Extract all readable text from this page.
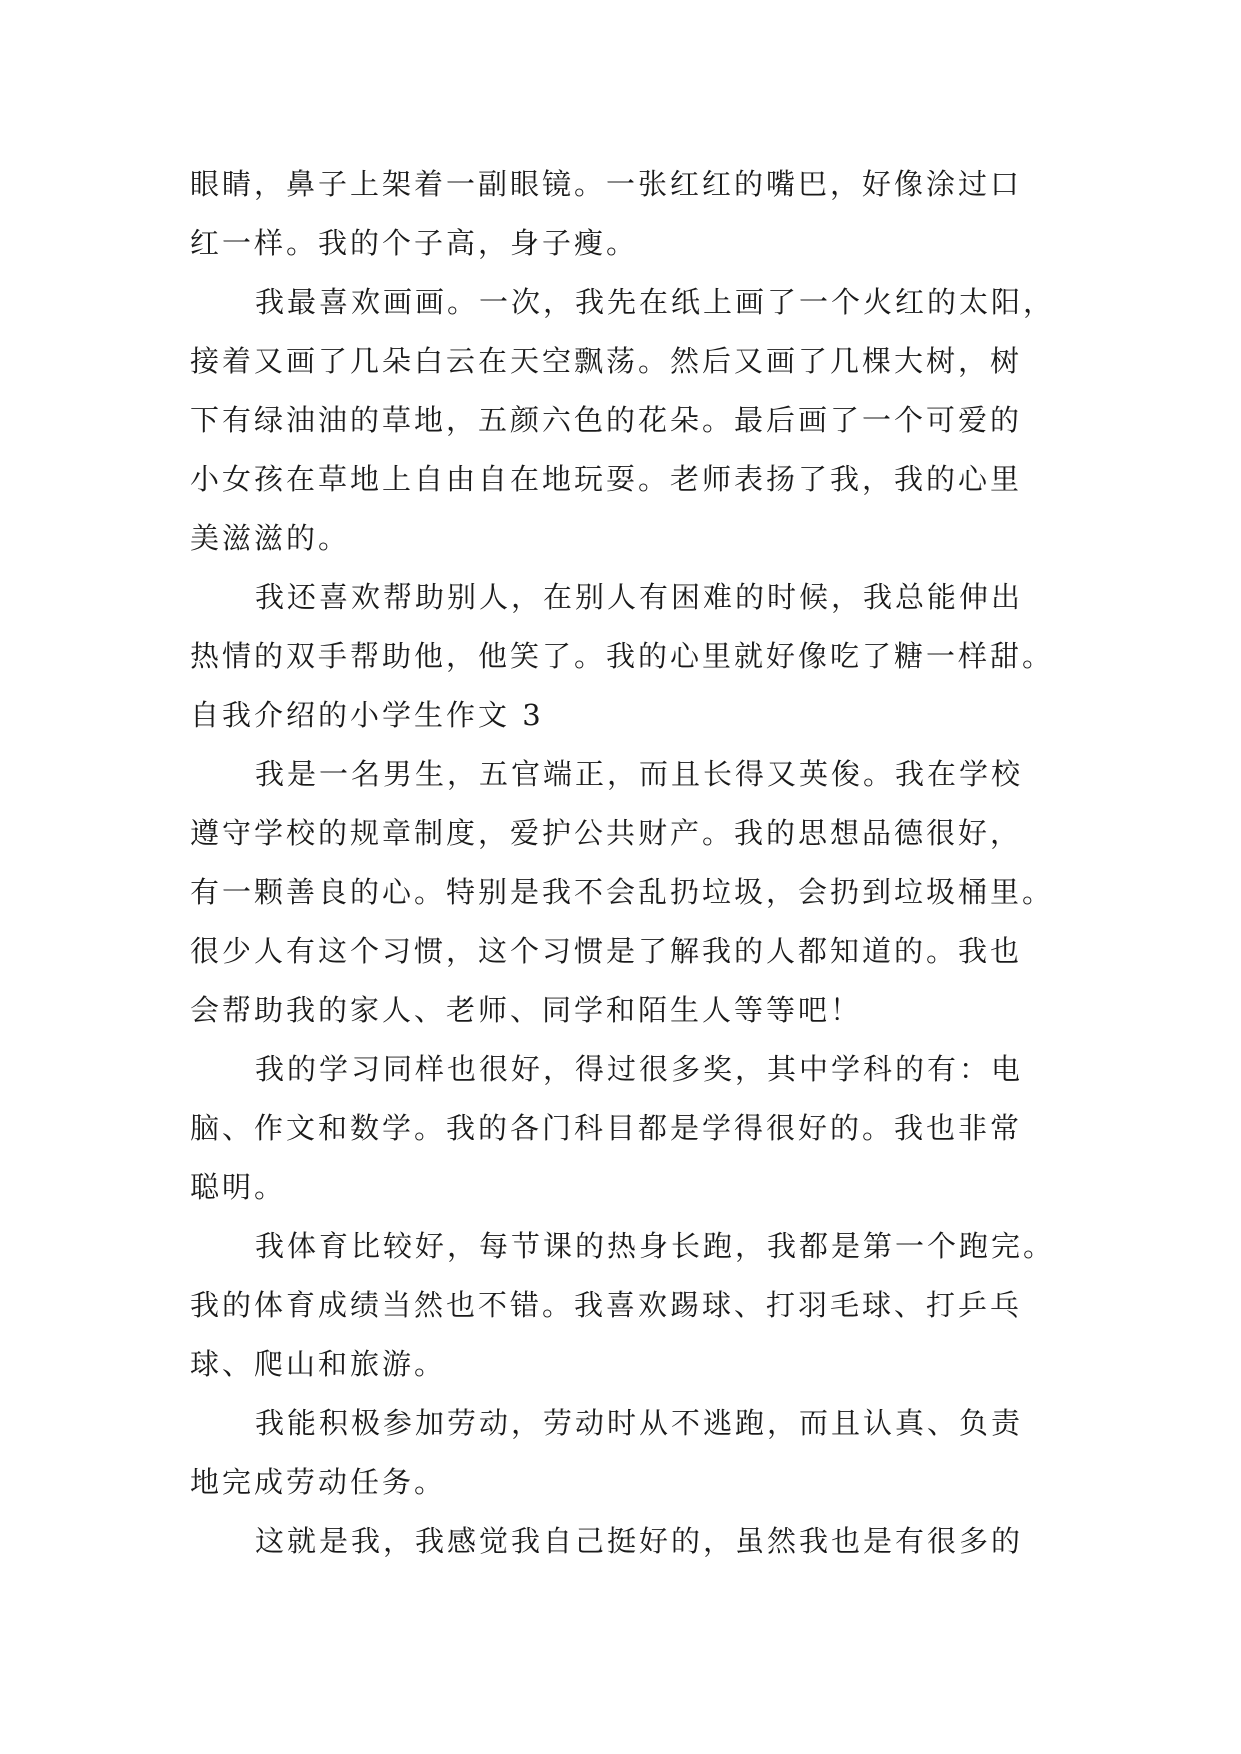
眼睛，鼻子上架着一副眼镜。一张红红的嘴巴，好像涂过口
红一样。我的个子高，身子瘦。
我最喜欢画画。一次，我先在纸上画了一个火红的太阳，
接着又画了几朵白云在天空飘荡。然后又画了几棵大树，树
下有绿油油的草地，五颜六色的花朵。最后画了一个可爱的
小女孩在草地上自由自在地玩耍。老师表扬了我，我的心里
美滋滋的。
我还喜欢帮助别人，在别人有困难的时候，我总能伸出
热情的双手帮助他，他笑了。我的心里就好像吃了糖一样甜。
自我介绍的小学生作文 3
我是一名男生，五官端正，而且长得又英俊。我在学校
遵守学校的规章制度，爱护公共财产。我的思想品德很好，
有一颗善良的心。特别是我不会乱扔垃圾，会扔到垃圾桶里。
很少人有这个习惯，这个习惯是了解我的人都知道的。我也
会帮助我的家人、老师、同学和陌生人等等吧！
我的学习同样也很好，得过很多奖，其中学科的有：电
脑、作文和数学。我的各门科目都是学得很好的。我也非常
聪明。
我体育比较好，每节课的热身长跑，我都是第一个跑完。
我的体育成绩当然也不错。我喜欢踢球、打羽毛球、打乒乓
球、爬山和旅游。
我能积极参加劳动，劳动时从不逃跑，而且认真、负责
地完成劳动任务。
这就是我，我感觉我自己挺好的，虽然我也是有很多的
